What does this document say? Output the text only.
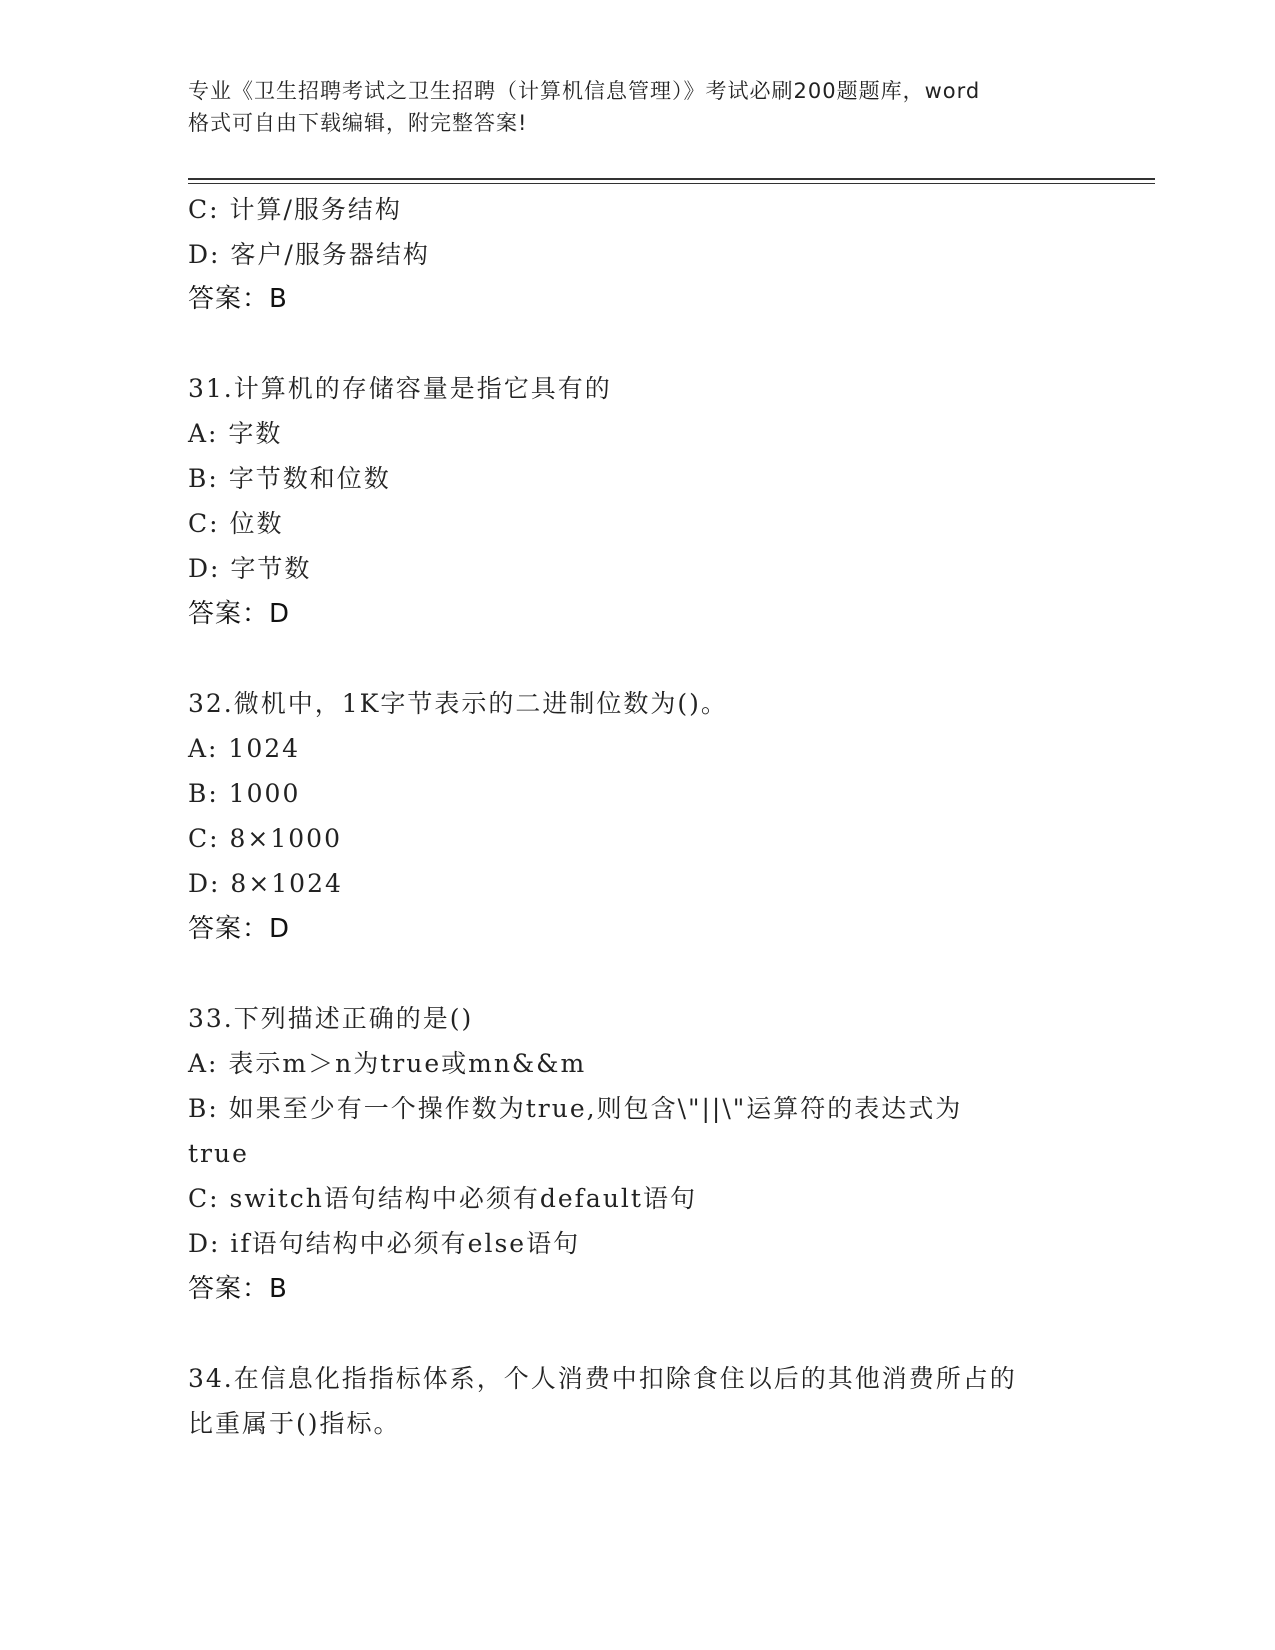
专业《卫生招聘考试之卫生招聘（计算机信息管理）》考试必刷200题题库，word
格式可自由下载编辑，附完整答案!
C: 计算/服务结构
D: 客户/服务器结构
答案：B
31.计算机的存储容量是指它具有的
A: 字数
B: 字节数和位数
C: 位数
D: 字节数
答案：D
32.微机中，1K字节表示的二进制位数为()。
A: 1024
B: 1000
C: 8×1000
D: 8×1024
答案：D
33.下列描述正确的是()
A: 表示m＞n为true或mn&&m
B: 如果至少有一个操作数为true,则包含\"||\"运算符的表达式为
true
C: switch语句结构中必须有default语句
D: if语句结构中必须有else语句
答案：B
34.在信息化指指标体系，个人消费中扣除食住以后的其他消费所占的
比重属于()指标。
